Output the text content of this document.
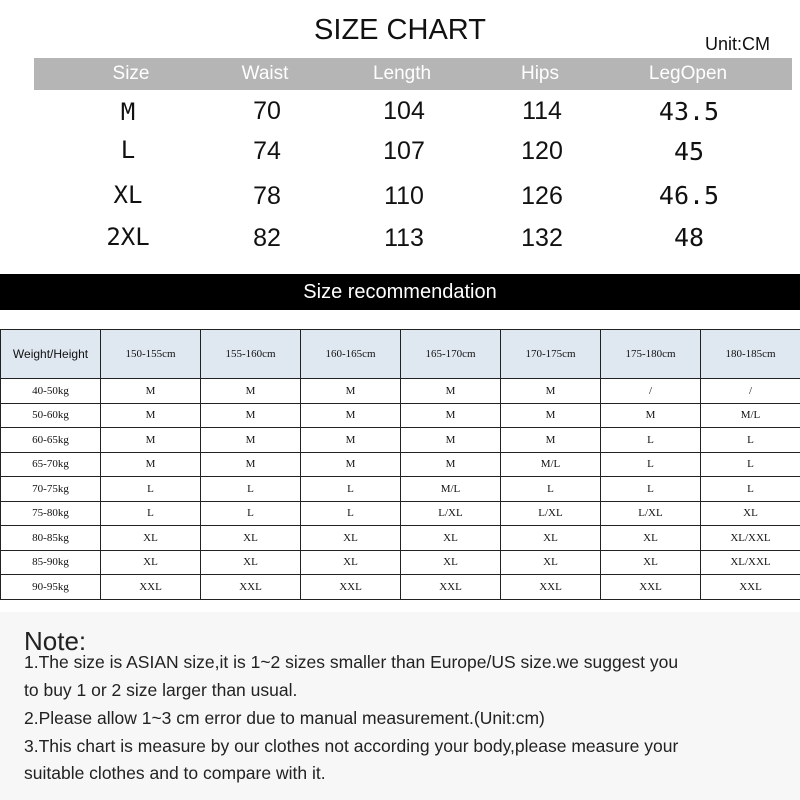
SIZE CHART	Unit:CM
Size	Waist	Length	Hips	LegOpen
M	70	104	114	43.5
L	74	107	120	45
XL	78	110	126	46.5
2XL	82	113	132	48
Size recommendation
Weight/Height	150-155cm	155-160cm	160-165cm	165-170cm	170-175cm	175-180cm	180-185cm
40-50kg	M	M	M	M	M	/	/
50-60kg	M	M	M	M	M	M	M/L
60-65kg	M	M	M	M	M	L	L
65-70kg	M	M	M	M	M/L	L	L
70-75kg	L	L	L	M/L	L	L	L
75-80kg	L	L	L	L/XL	L/XL	L/XL	XL
80-85kg	XL	XL	XL	XL	XL	XL	XL/XXL
85-90kg	XL	XL	XL	XL	XL	XL	XL/XXL
90-95kg	XXL	XXL	XXL	XXL	XXL	XXL	XXL
Note:
1.The size is ASIAN size,it is 1~2 sizes smaller than Europe/US size.we suggest you
to buy 1 or 2 size larger than usual.
2.Please allow 1~3 cm error due to manual measurement.(Unit:cm)
3.This chart is measure by our clothes not according your body,please measure your
suitable clothes and to compare with it.
